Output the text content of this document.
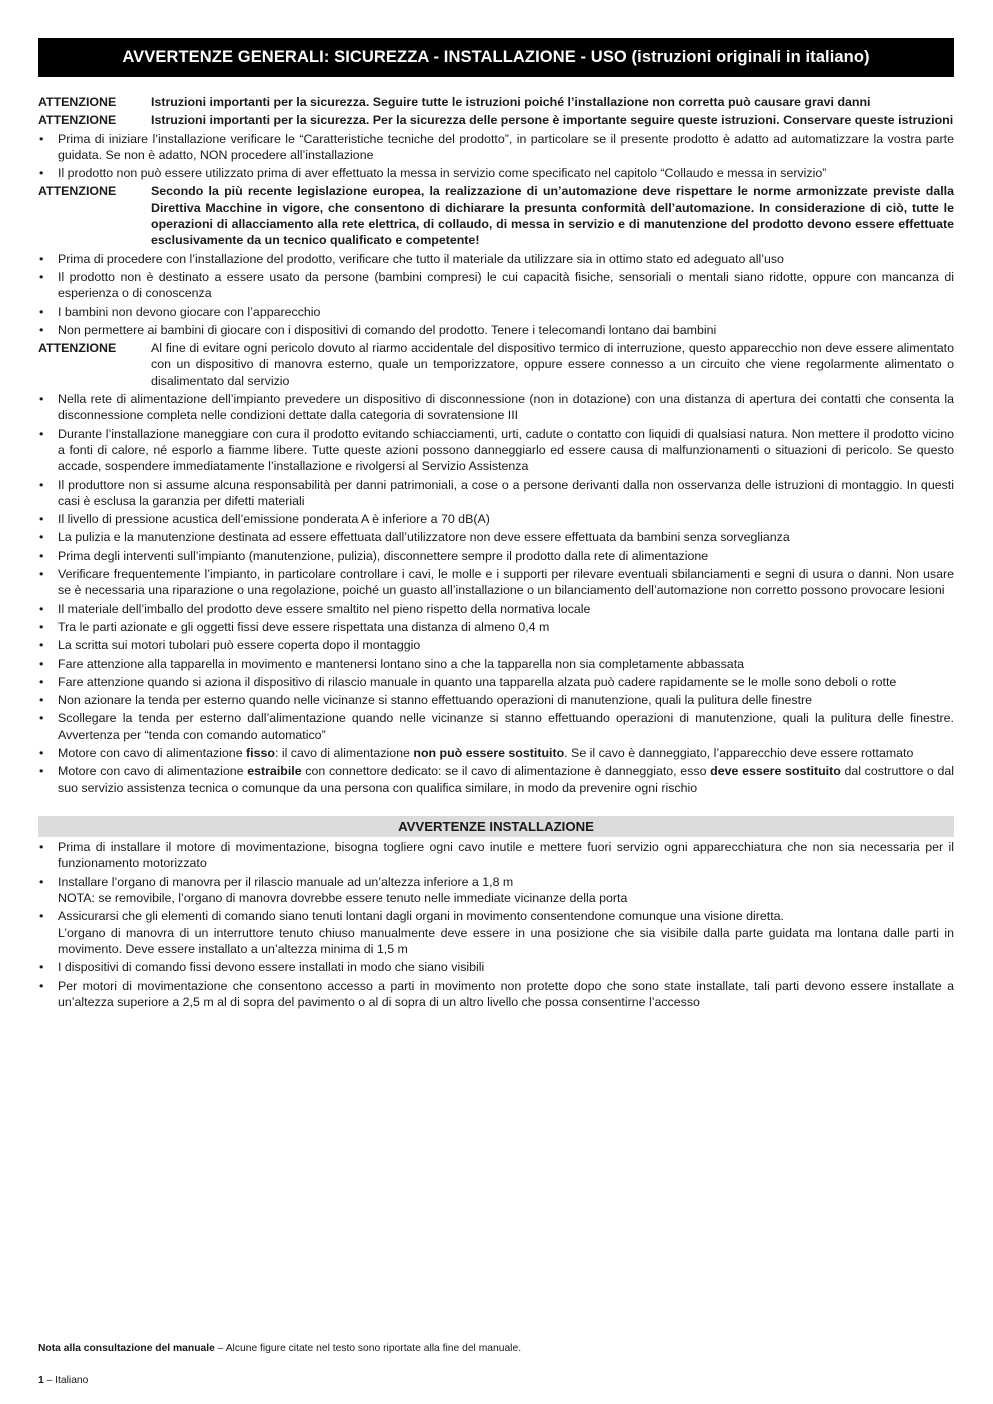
AVVERTENZE GENERALI: SICUREZZA - INSTALLAZIONE - USO (istruzioni originali in italiano)
ATTENZIONE	Istruzioni importanti per la sicurezza. Seguire tutte le istruzioni poiché l’installazione non corretta può causare gravi danni
ATTENZIONE	Istruzioni importanti per la sicurezza. Per la sicurezza delle persone è importante seguire queste istruzioni. Conservare queste istruzioni
•	Prima di iniziare l’installazione verificare le “Caratteristiche tecniche del prodotto”, in particolare se il presente prodotto è adatto ad automatizzare la vostra parte guidata. Se non è adatto, NON procedere all’installazione
•	Il prodotto non può essere utilizzato prima di aver effettuato la messa in servizio come specificato nel capitolo “Collaudo e messa in servizio”
ATTENZIONE	Secondo la più recente legislazione europea, la realizzazione di un’automazione deve rispettare le norme armonizzate previste dalla Direttiva Macchine in vigore, che consentono di dichiarare la presunta conformità dell’automazione. In considerazione di ciò, tutte le operazioni di allacciamento alla rete elettrica, di collaudo, di messa in servizio e di manutenzione del prodotto devono essere effettuate esclusivamente da un tecnico qualificato e competente!
•	Prima di procedere con l’installazione del prodotto, verificare che tutto il materiale da utilizzare sia in ottimo stato ed adeguato all’uso
•	Il prodotto non è destinato a essere usato da persone (bambini compresi) le cui capacità fisiche, sensoriali o mentali siano ridotte, oppure con mancanza di esperienza o di conoscenza
•	I bambini non devono giocare con l’apparecchio
•	Non permettere ai bambini di giocare con i dispositivi di comando del prodotto. Tenere i telecomandi lontano dai bambini
ATTENZIONE	Al fine di evitare ogni pericolo dovuto al riarmo accidentale del dispositivo termico di interruzione, questo apparecchio non deve essere alimentato con un dispositivo di manovra esterno, quale un temporizzatore, oppure essere connesso a un circuito che viene regolarmente alimentato o disalimentato dal servizio
•	Nella rete di alimentazione dell’impianto prevedere un dispositivo di disconnessione (non in dotazione) con una distanza di apertura dei contatti che consenta la disconnessione completa nelle condizioni dettate dalla categoria di sovratensione III
•	Durante l’installazione maneggiare con cura il prodotto evitando schiacciamenti, urti, cadute o contatto con liquidi di qualsiasi natura. Non mettere il prodotto vicino a fonti di calore, né esporlo a fiamme libere. Tutte queste azioni possono danneggiarlo ed essere causa di malfunzionamenti o situazioni di pericolo. Se questo accade, sospendere immediatamente l’installazione e rivolgersi al Servizio Assistenza
•	Il produttore non si assume alcuna responsabilità per danni patrimoniali, a cose o a persone derivanti dalla non osservanza delle istruzioni di montaggio. In questi casi è esclusa la garanzia per difetti materiali
•	Il livello di pressione acustica dell’emissione ponderata A è inferiore a 70 dB(A)
•	La pulizia e la manutenzione destinata ad essere effettuata dall’utilizzatore non deve essere effettuata da bambini senza sorveglianza
•	Prima degli interventi sull’impianto (manutenzione, pulizia), disconnettere sempre il prodotto dalla rete di alimentazione
•	Verificare frequentemente l’impianto, in particolare controllare i cavi, le molle e i supporti per rilevare eventuali sbilanciamenti e segni di usura o danni. Non usare se è necessaria una riparazione o una regolazione, poiché un guasto all’installazione o un bilanciamento dell’automazione non corretto possono provocare lesioni
•	Il materiale dell’imballo del prodotto deve essere smaltito nel pieno rispetto della normativa locale
•	Tra le parti azionate e gli oggetti fissi deve essere rispettata una distanza di almeno 0,4 m
•	La scritta sui motori tubolari può essere coperta dopo il montaggio
•	Fare attenzione alla tapparella in movimento e mantenersi lontano sino a che la tapparella non sia completamente abbassata
•	Fare attenzione quando si aziona il dispositivo di rilascio manuale in quanto una tapparella alzata può cadere rapidamente se le molle sono deboli o rotte
•	Non azionare la tenda per esterno quando nelle vicinanze si stanno effettuando operazioni di manutenzione, quali la pulitura delle finestre
•	Scollegare la tenda per esterno dall’alimentazione quando nelle vicinanze si stanno effettuando operazioni di manutenzione, quali la pulitura delle finestre. Avvertenza per “tenda con comando automatico”
•	Motore con cavo di alimentazione fisso: il cavo di alimentazione non può essere sostituito. Se il cavo è danneggiato, l’apparecchio deve essere rottamato
•	Motore con cavo di alimentazione estraibile con connettore dedicato: se il cavo di alimentazione è danneggiato, esso deve essere sostituito dal costruttore o dal suo servizio assistenza tecnica o comunque da una persona con qualifica similare, in modo da prevenire ogni rischio
AVVERTENZE INSTALLAZIONE
•	Prima di installare il motore di movimentazione, bisogna togliere ogni cavo inutile e mettere fuori servizio ogni apparecchiatura che non sia necessaria per il funzionamento motorizzato
•	Installare l’organo di manovra per il rilascio manuale ad un’altezza inferiore a 1,8 m
NOTA: se removibile, l’organo di manovra dovrebbe essere tenuto nelle immediate vicinanze della porta
•	Assicurarsi che gli elementi di comando siano tenuti lontani dagli organi in movimento consentendone comunque una visione diretta.
L’organo di manovra di un interruttore tenuto chiuso manualmente deve essere in una posizione che sia visibile dalla parte guidata ma lontana dalle parti in movimento. Deve essere installato a un’altezza minima di 1,5 m
•	I dispositivi di comando fissi devono essere installati in modo che siano visibili
•	Per motori di movimentazione che consentono accesso a parti in movimento non protette dopo che sono state installate, tali parti devono essere installate a un’altezza superiore a 2,5 m al di sopra del pavimento o al di sopra di un altro livello che possa consentirne l’accesso
Nota alla consultazione del manuale – Alcune figure citate nel testo sono riportate alla fine del manuale.
1 – Italiano
